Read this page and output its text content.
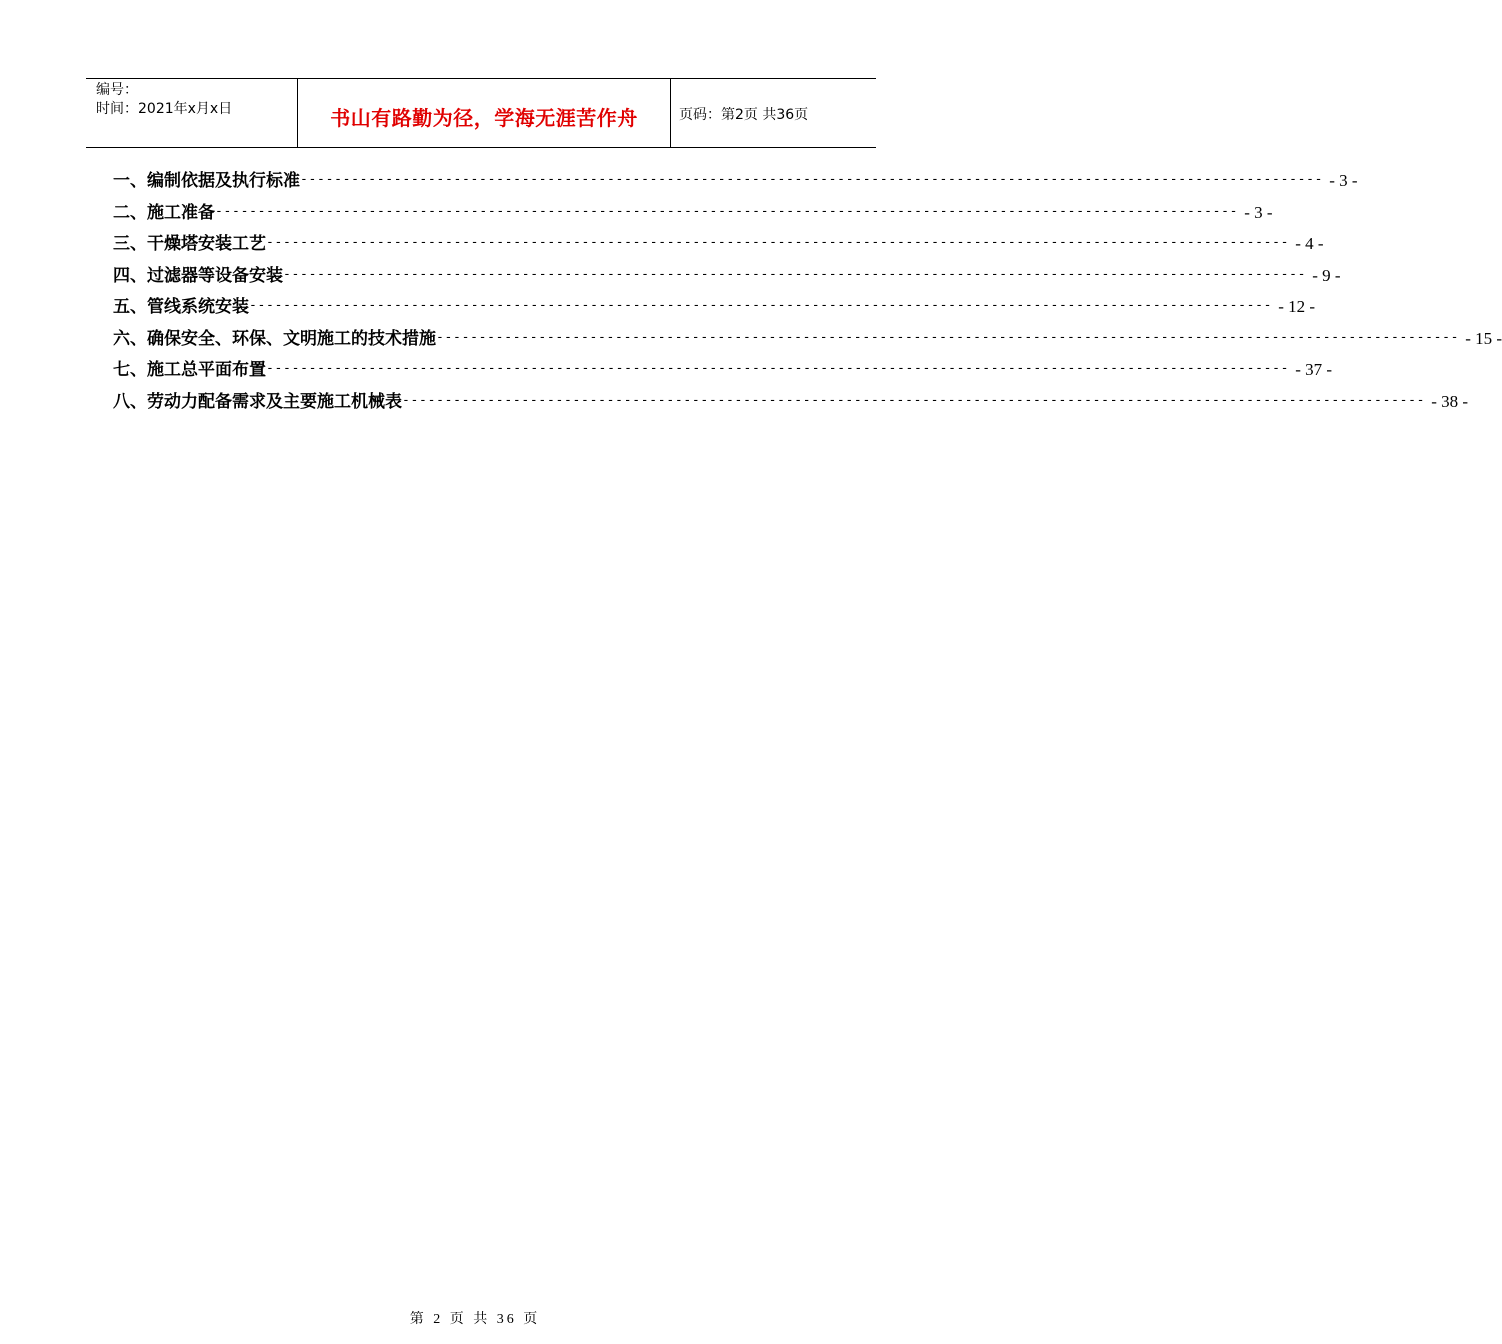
编号：
时间：2021年x月x日	书山有路勤为径，学海无涯苦作舟	页码：第2页 共36页
一、编制依据及执行标准 ------------------------------------------------------------------------------------------------------------------------ - 3 -
二、施工准备 ------------------------------------------------------------------------------------------------------------------------ - 3 -
三、干燥塔安装工艺 ------------------------------------------------------------------------------------------------------------------------ - 4 -
四、过滤器等设备安装 ------------------------------------------------------------------------------------------------------------------------ - 9 -
五、管线系统安装 ------------------------------------------------------------------------------------------------------------------------ - 12 -
六、确保安全、环保、文明施工的技术措施 ------------------------------------------------------------------------------------------------------------------------ - 15 -
七、施工总平面布置 ------------------------------------------------------------------------------------------------------------------------ - 37 -
八、劳动力配备需求及主要施工机械表 ------------------------------------------------------------------------------------------------------------------------ - 38 -
第 2 页 共 36 页
